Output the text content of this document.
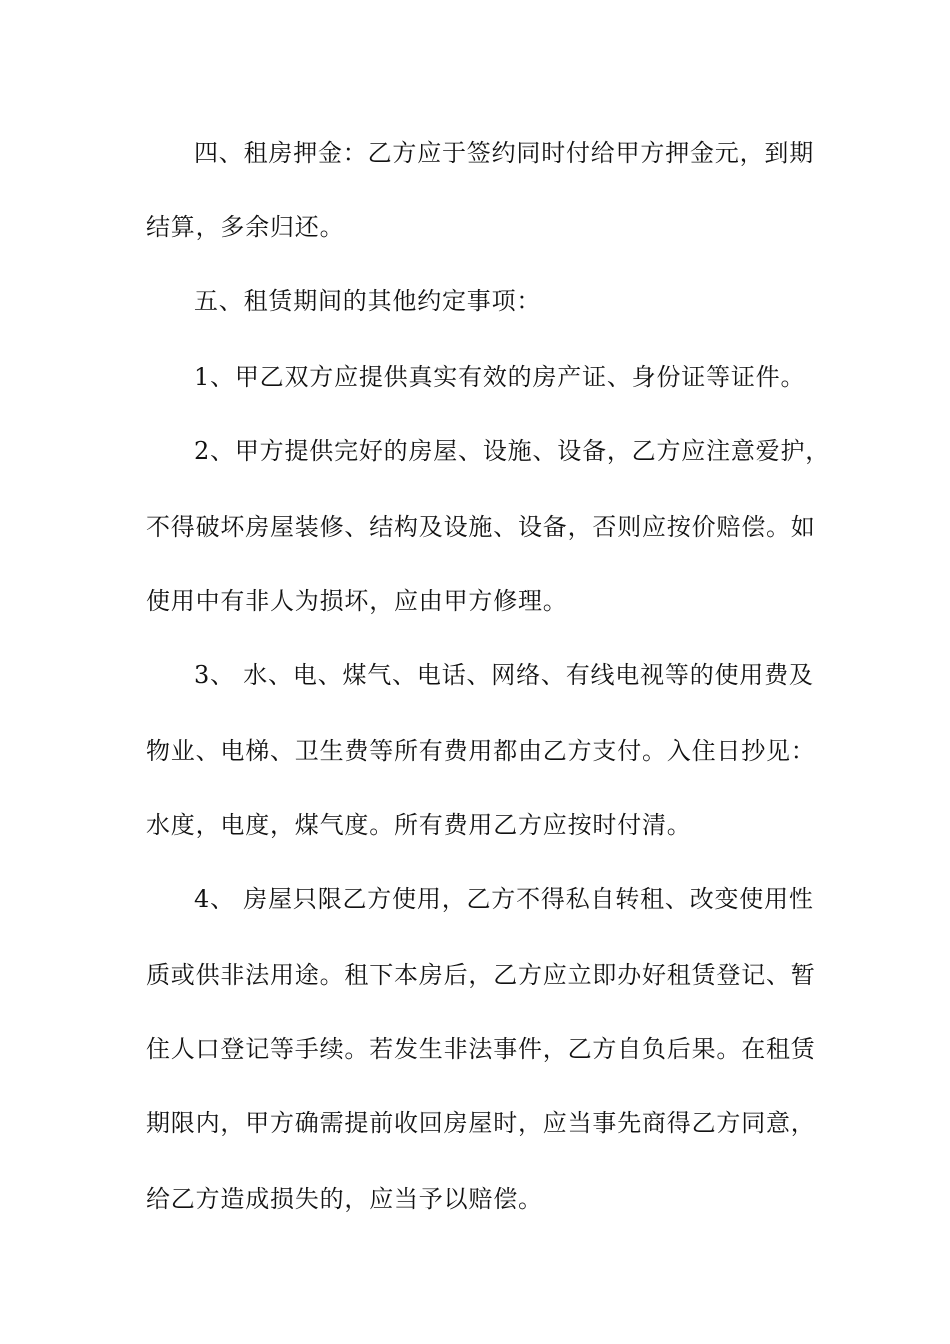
四、租房押金：乙方应于签约同时付给甲方押金元，到期
结算，多余归还。
五、租赁期间的其他约定事项：
1、甲乙双方应提供真实有效的房产证、身份证等证件。
2、甲方提供完好的房屋、设施、设备，乙方应注意爱护，
不得破坏房屋装修、结构及设施、设备，否则应按价赔偿。如
使用中有非人为损坏，应由甲方修理。
3、 水、电、煤气、电话、网络、有线电视等的使用费及
物业、电梯、卫生费等所有费用都由乙方支付。入住日抄见：
水度，电度，煤气度。所有费用乙方应按时付清。
4、 房屋只限乙方使用，乙方不得私自转租、改变使用性
质或供非法用途。租下本房后，乙方应立即办好租赁登记、暂
住人口登记等手续。若发生非法事件，乙方自负后果。在租赁
期限内，甲方确需提前收回房屋时，应当事先商得乙方同意，
给乙方造成损失的，应当予以赔偿。
